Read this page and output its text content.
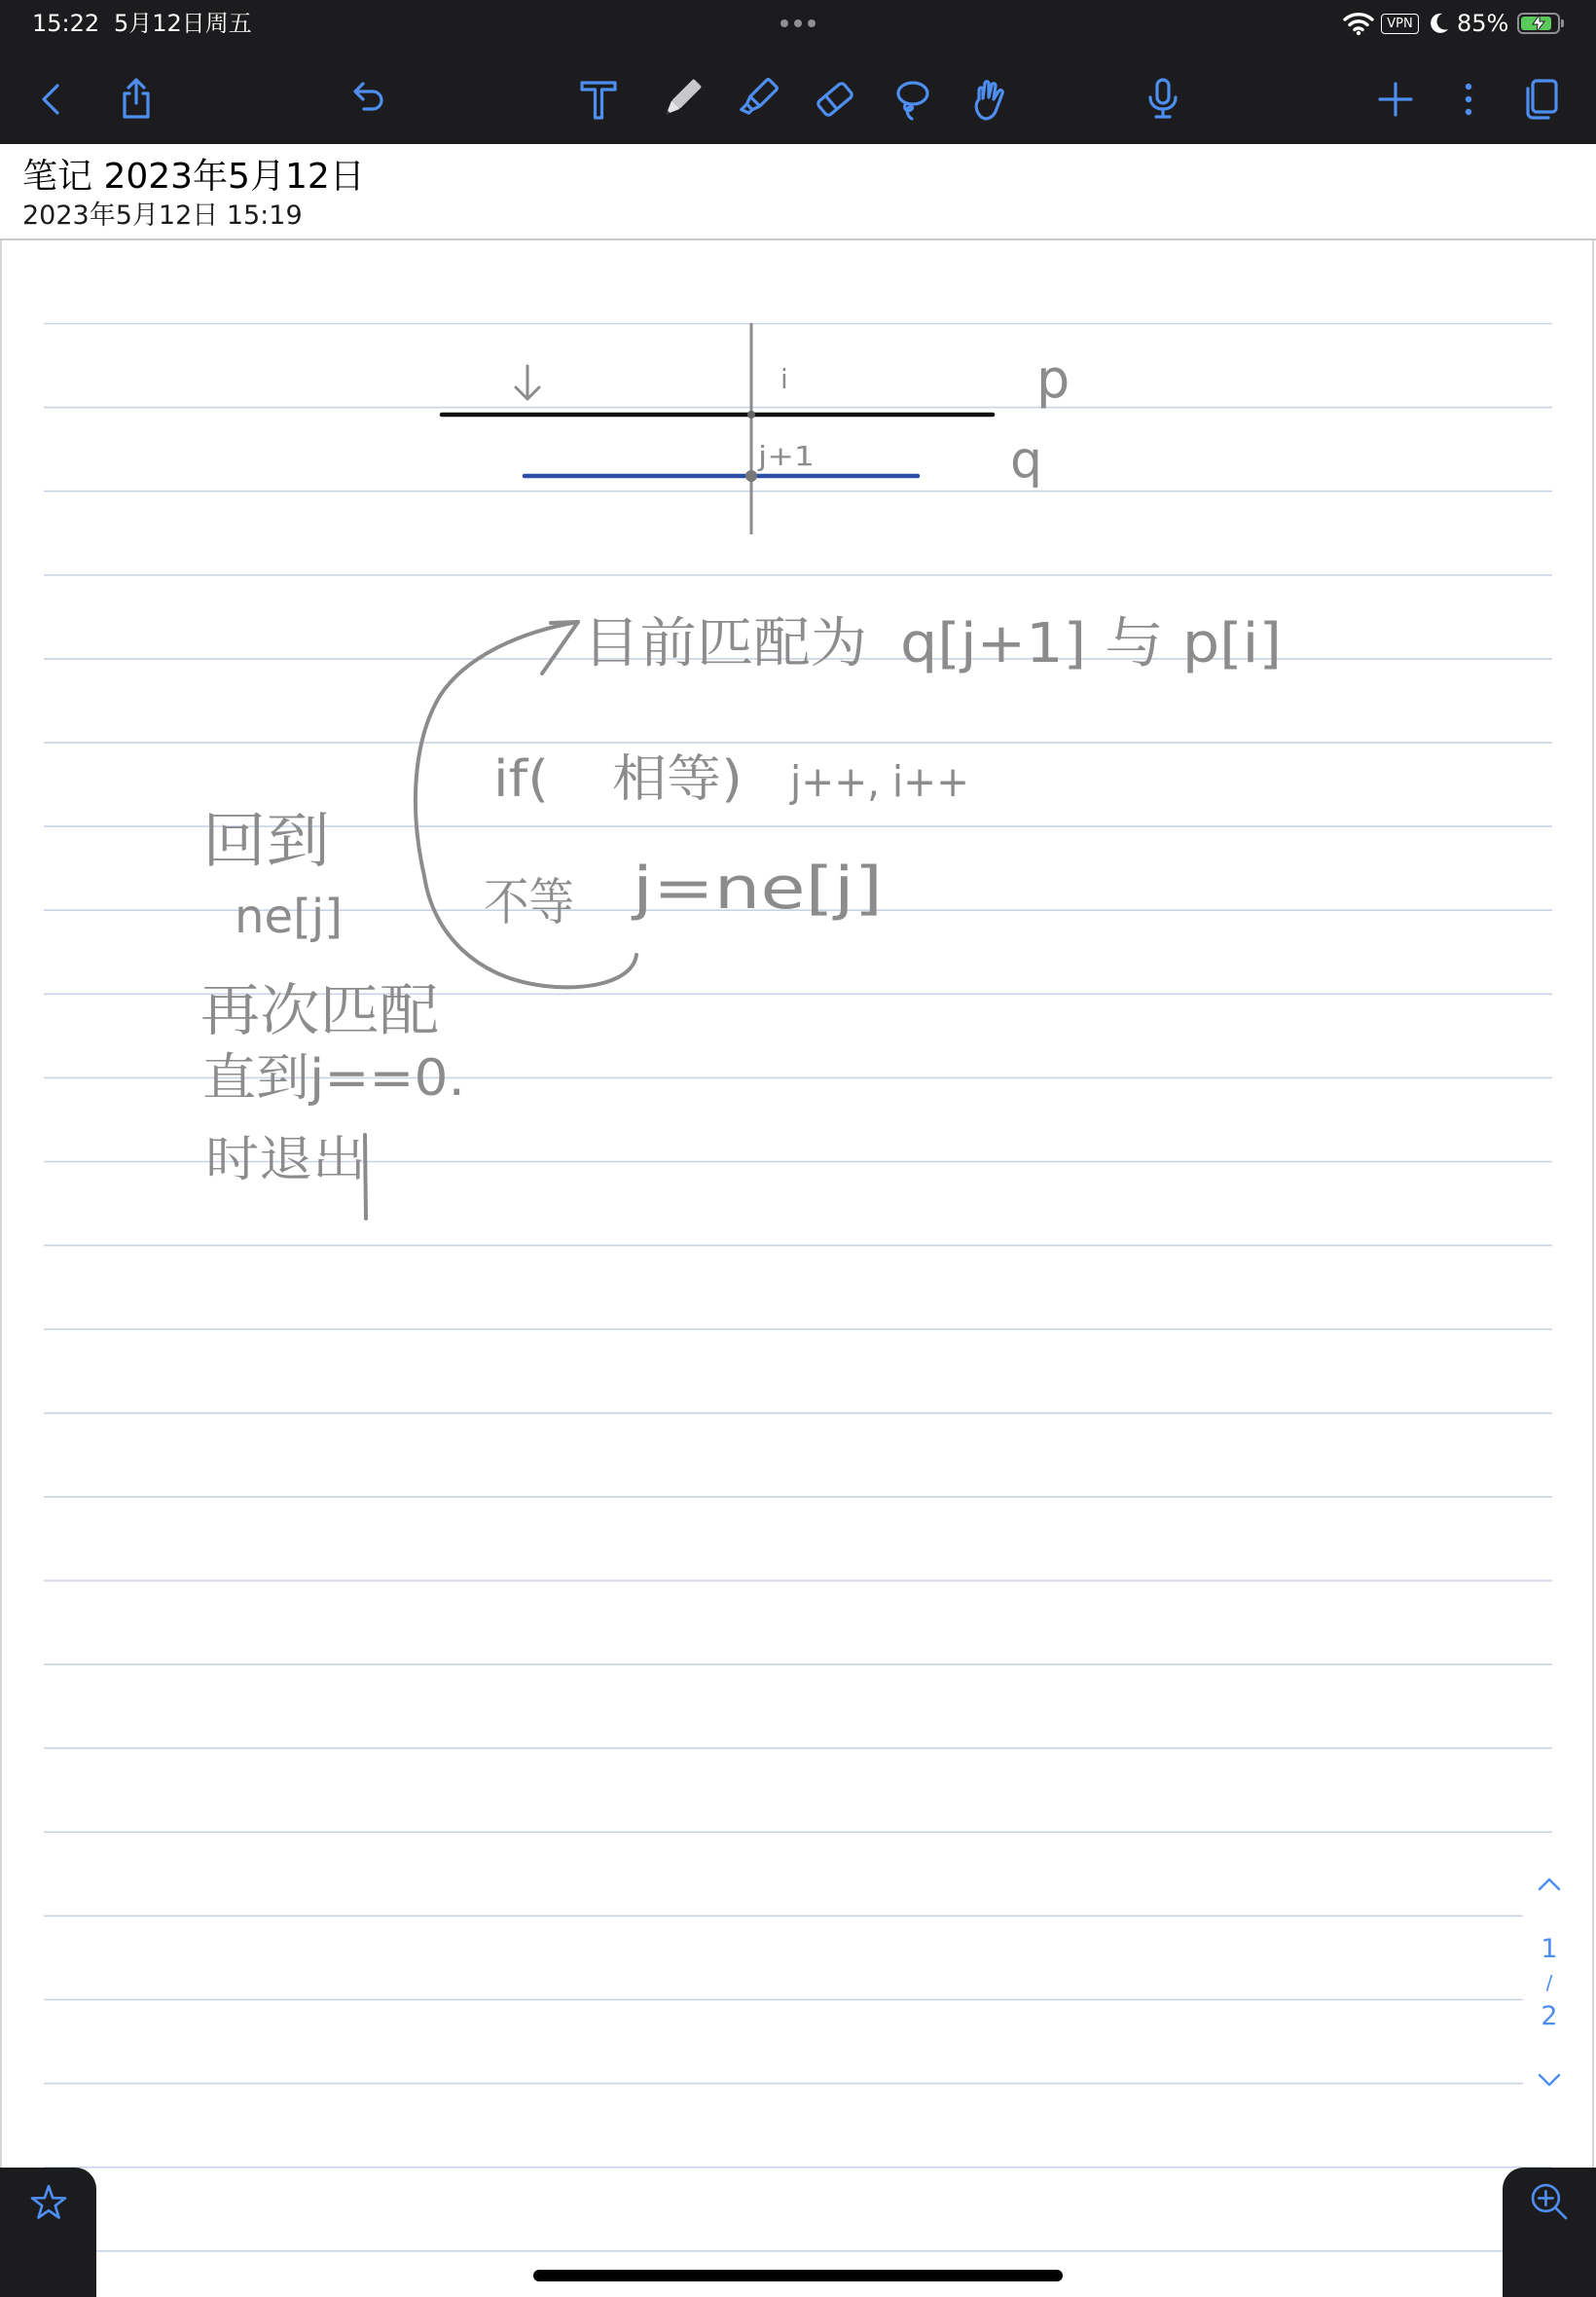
15:22 5月12日周五	VPN 85%
笔记 2023年5月12日
2023年5月12日 15:19
i
j+1
p
q
目前匹配为 q[j+1] 与 p[i]
if( 相等) j++, i++
不等 j=ne[j]
回到
ne[j]
再次匹配
直到j==0.
时退出
1
/
2
